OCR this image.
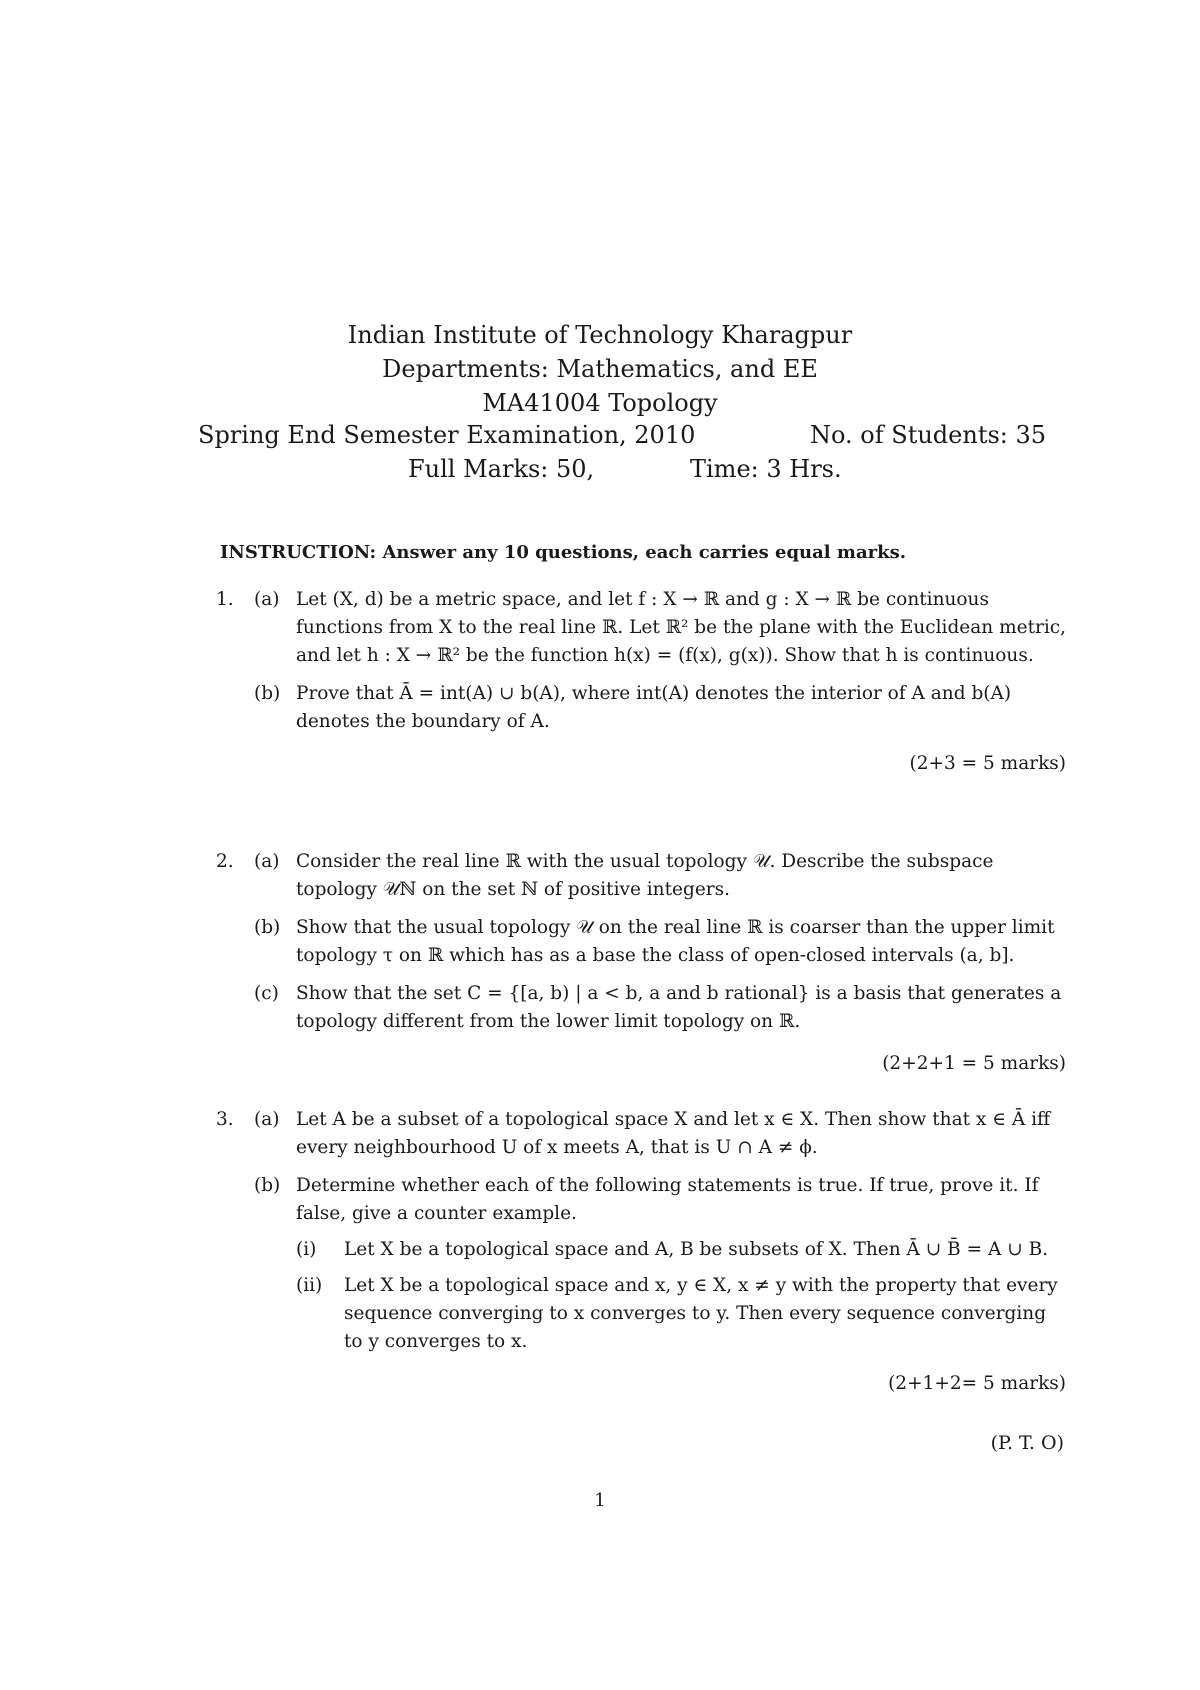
Indian Institute of Technology Kharagpur
Departments: Mathematics, and EE
MA41004 Topology
Spring End Semester Examination, 2010	No. of Students: 35
Full Marks: 50,	Time: 3 Hrs.
INSTRUCTION: Answer any 10 questions, each carries equal marks.
1. (a) Let (X, d) be a metric space, and let f : X → ℝ and g : X → ℝ be continuous functions from X to the real line ℝ. Let ℝ² be the plane with the Euclidean metric, and let h : X → ℝ² be the function h(x) = (f(x), g(x)). Show that h is continuous.
(b) Prove that Ā = int(A) ∪ b(A), where int(A) denotes the interior of A and b(A) denotes the boundary of A.
(2+3 = 5 marks)
2. (a) Consider the real line ℝ with the usual topology 𝒰. Describe the subspace topology 𝒰ℕ on the set ℕ of positive integers.
(b) Show that the usual topology 𝒰 on the real line ℝ is coarser than the upper limit topology τ on ℝ which has as a base the class of open-closed intervals (a, b].
(c) Show that the set C = {[a, b) | a < b, a and b rational} is a basis that generates a topology different from the lower limit topology on ℝ.
(2+2+1 = 5 marks)
3. (a) Let A be a subset of a topological space X and let x ∈ X. Then show that x ∈ Ā iff every neighbourhood U of x meets A, that is U ∩ A ≠ ϕ.
(b) Determine whether each of the following statements is true. If true, prove it. If false, give a counter example.
(i) Let X be a topological space and A, B be subsets of X. Then Ā ∪ B̄ = A ∪ B.
(ii) Let X be a topological space and x, y ∈ X, x ≠ y with the property that every sequence converging to x converges to y. Then every sequence converging to y converges to x.
(2+1+2= 5 marks)
(P. T. O)
1
